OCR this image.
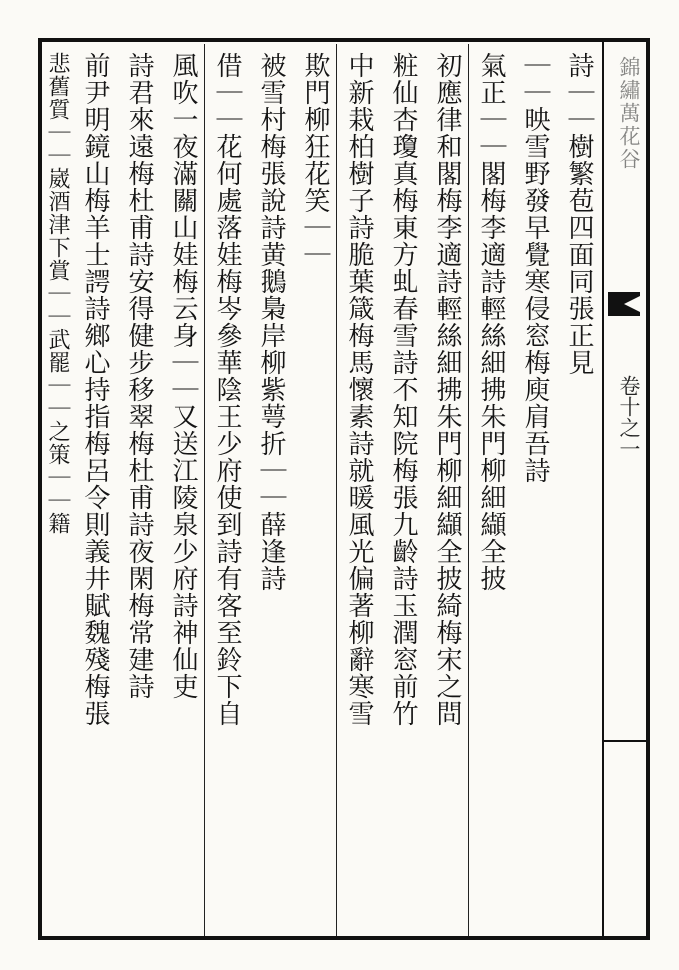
錦繡萬花谷
卷十之一
詩｜｜樹繁苞四面同張正見
｜｜映雪野發早覺寒侵窓梅庾肩吾詩
氣正｜｜閣梅李適詩輕絲細拂朱門柳細纈全披
初應律和閣梅李適詩輕絲細拂朱門柳細纈全披綺梅宋之問
粧仙杏瓊真梅東方虬春雪詩不知院梅張九齡詩玉潤窓前竹
中新栽柏樹子詩脆葉箴梅馬懷素詩就暖風光偏著柳辭寒雪
欺門柳狂花笑｜｜
被雪村梅張說詩黄鵝梟岸柳紫萼折｜｜薛逢詩
借｜｜花何處落娃梅岑參華陰王少府使到詩有客至鈴下自
風吹一夜滿關山娃梅云身｜｜又送江陵泉少府詩神仙吏
詩君來遠梅杜甫詩安得健步移翠梅杜甫詩夜閑梅常建詩
前尹明鏡山梅羊士諤詩鄉心持指梅呂令則義井賦魏殘梅張
悲舊質｜｜崴酒津下賞｜｜武罷｜｜之策｜｜籍
